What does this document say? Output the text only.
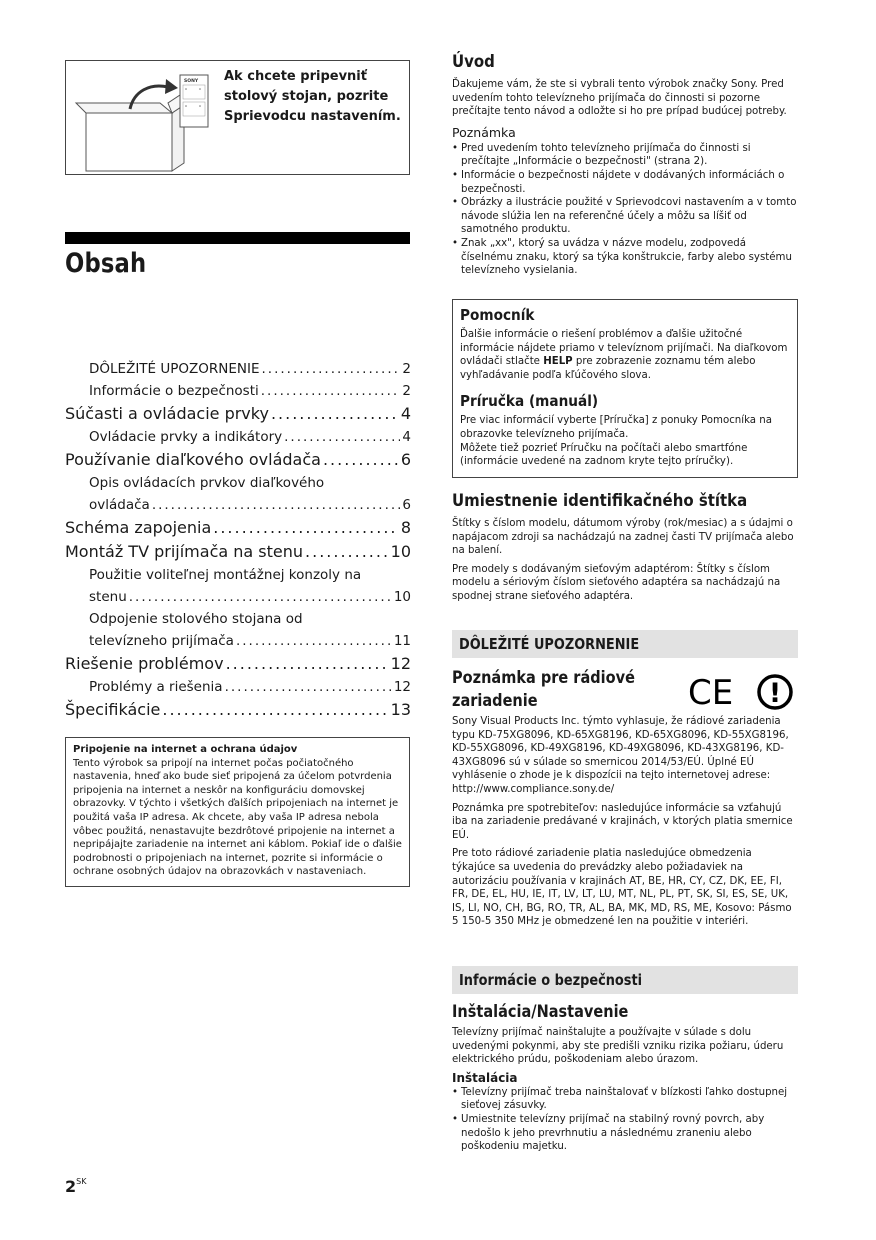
SONY Ak chcete pripevniť stolový stojan, pozrite Sprievodcu nastavením.
Obsah
DÔLEŽITÉ UPOZORNENIE .....	2
Informácie o bezpečnosti .....	2
Súčasti a ovládacie prvky .....	4
Ovládacie prvky a indikátory .....	4
Používanie diaľkového ovládača .....	6
Opis ovládacích prvkov diaľkového
ovládača .....	6
Schéma zapojenia .....	8
Montáž TV prijímača na stenu .....	10
Použitie voliteľnej montážnej konzoly na
stenu .....	10
Odpojenie stolového stojana od
televízneho prijímača .....	11
Riešenie problémov .....	12
Problémy a riešenia .....	12
Špecifikácie .....	13
Pripojenie na internet a ochrana údajov
Tento výrobok sa pripojí na internet počas počiatočného nastavenia, hneď ako bude sieť pripojená za účelom potvrdenia pripojenia na internet a neskôr na konfiguráciu domovskej obrazovky. V týchto i všetkých ďalších pripojeniach na internet je použitá vaša IP adresa. Ak chcete, aby vaša IP adresa nebola vôbec použitá, nenastavujte bezdrôtové pripojenie na internet a nepripájajte zariadenie na internet ani káblom. Pokiaľ ide o ďalšie podrobnosti o pripojeniach na internet, pozrite si informácie o ochrane osobných údajov na obrazovkách v nastaveniach.
Úvod

Ďakujeme vám, že ste si vybrali tento výrobok značky Sony. Pred uvedením tohto televízneho prijímača do činnosti si pozorne prečítajte tento návod a odložte si ho pre prípad budúcej potreby.

Poznámka
• Pred uvedením tohto televízneho prijímača do činnosti si prečítajte „Informácie o bezpečnosti" (strana 2).
• Informácie o bezpečnosti nájdete v dodávaných informáciách o bezpečnosti.
• Obrázky a ilustrácie použité v Sprievodcovi nastavením a v tomto návode slúžia len na referenčné účely a môžu sa líšiť od samotného produktu.
• Znak „xx", ktorý sa uvádza v názve modelu, zodpovedá číselnému znaku, ktorý sa týka konštrukcie, farby alebo systému televízneho vysielania.
Pomocník

Ďalšie informácie o riešení problémov a ďalšie užitočné informácie nájdete priamo v televíznom prijímači. Na diaľkovom ovládači stlačte HELP pre zobrazenie zoznamu tém alebo vyhľadávanie podľa kľúčového slova.

Príručka (manuál)

Pre viac informácií vyberte [Príručka] z ponuky Pomocníka na obrazovke televízneho prijímača.

Môžete tiež pozrieť Príručku na počítači alebo smartfóne (informácie uvedené na zadnom kryte tejto príručky).

Umiestnenie identifikačného štítka

Štítky s číslom modelu, dátumom výroby (rok/mesiac) a s údajmi o napájacom zdroji sa nachádzajú na zadnej časti TV prijímača alebo na balení.

Pre modely s dodávaným sieťovým adaptérom: Štítky s číslom modelu a sériovým číslom sieťového adaptéra sa nachádzajú na spodnej strane sieťového adaptéra.

DÔLEŽITÉ UPOZORNENIE
Poznámka pre rádiové
zariadenie

Sony Visual Products Inc. týmto vyhlasuje, že rádiové zariadenia typu KD-75XG8096, KD-65XG8196, KD-65XG8096, KD-55XG8196, KD-55XG8096, KD-49XG8196, KD-49XG8096, KD-43XG8196, KD-43XG8096 sú v súlade so smernicou 2014/53/EÚ. Úplné EÚ vyhlásenie o zhode je k dispozícii na tejto internetovej adrese: http://www.compliance.sony.de/

Poznámka pre spotrebiteľov: nasledujúce informácie sa vzťahujú iba na zariadenie predávané v krajinách, v ktorých platia smernice EÚ.

Pre toto rádiové zariadenie platia nasledujúce obmedzenia týkajúce sa uvedenia do prevádzky alebo požiadaviek na autorizáciu používania v krajinách AT, BE, HR, CY, CZ, DK, EE, FI, FR, DE, EL, HU, IE, IT, LV, LT, LU, MT, NL, PL, PT, SK, SI, ES, SE, UK, IS, LI, NO, CH, BG, RO, TR, AL, BA, MK, MD, RS, ME, Kosovo: Pásmo 5 150-5 350 MHz je obmedzené len na použitie v interiéri.

CE !
Informácie o bezpečnosti
Inštalácia/Nastavenie

Televízny prijímač nainštalujte a používajte v súlade s dolu uvedenými pokynmi, aby ste predišli vzniku rizika požiaru, úderu elektrického prúdu, poškodeniam alebo úrazom.

Inštalácia
• Televízny prijímač treba nainštalovať v blízkosti ľahko dostupnej sieťovej zásuvky.
• Umiestnite televízny prijímač na stabilný rovný povrch, aby nedošlo k jeho prevrhnutiu a následnému zraneniu alebo poškodeniu majetku.
$2^{SK}$
